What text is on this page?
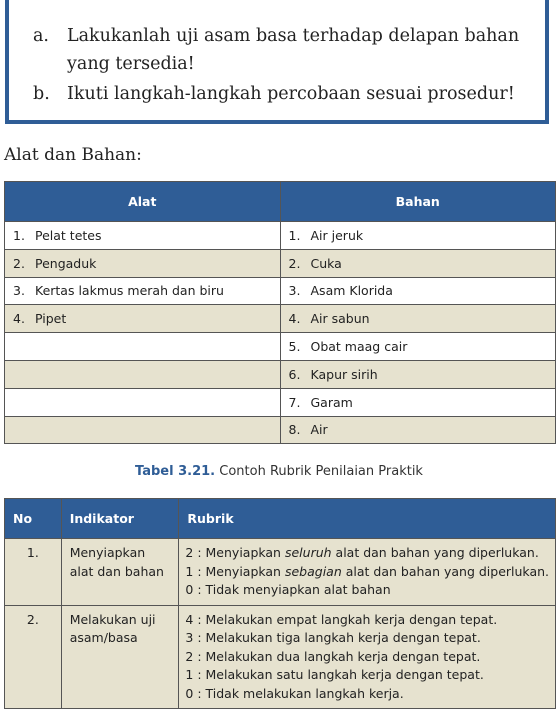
a. Lakukanlah uji asam basa terhadap delapan bahan yang tersedia!
b. Ikuti langkah-langkah percobaan sesuai prosedur!
Alat dan Bahan:
Alat	Bahan
1. Pelat tetes	1. Air jeruk
2. Pengaduk	2. Cuka
3. Kertas lakmus merah dan biru	3. Asam Klorida
4. Pipet	4. Air sabun
	5. Obat maag cair
	6. Kapur sirih
	7. Garam
	8. Air
Tabel 3.21. Contoh Rubrik Penilaian Praktik
No	Indikator	Rubrik
1.	Menyiapkan alat dan bahan	2 : Menyiapkan seluruh alat dan bahan yang diperlukan.
1 : Menyiapkan sebagian alat dan bahan yang diperlukan.
0 : Tidak menyiapkan alat bahan

2.	Melakukan uji asam/basa	4 : Melakukan empat langkah kerja dengan tepat.
3 : Melakukan tiga langkah kerja dengan tepat.
2 : Melakukan dua langkah kerja dengan tepat.
1 : Melakukan satu langkah kerja dengan tepat.
0 : Tidak melakukan langkah kerja.
